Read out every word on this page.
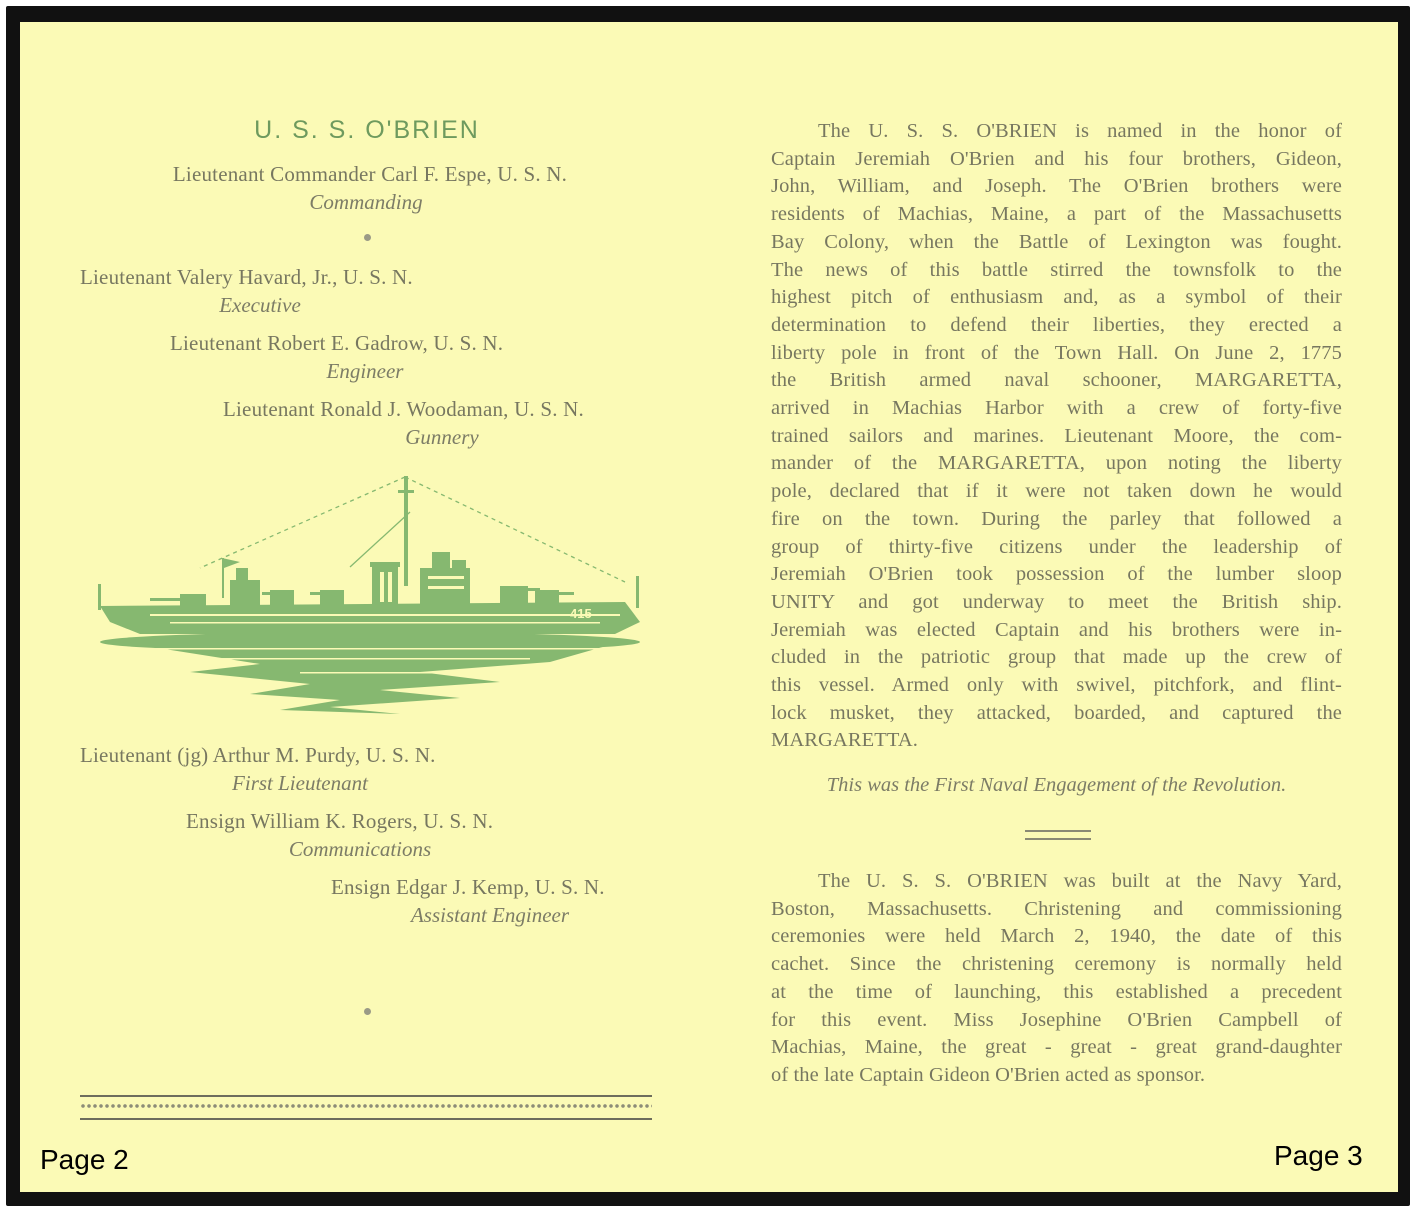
U. S. S. O'BRIEN
Lieutenant Commander Carl F. Espe, U. S. N.
Commanding
Lieutenant Valery Havard, Jr., U. S. N.
Executive
Lieutenant Robert E. Gadrow, U. S. N.
Engineer
Lieutenant Ronald J. Woodaman, U. S. N.
Gunnery
415
Lieutenant (jg) Arthur M. Purdy, U. S. N.
First Lieutenant
Ensign William K. Rogers, U. S. N.
Communications
Ensign Edgar J. Kemp, U. S. N.
Assistant Engineer
Page 2

The U. S. S. O'BRIEN is named in the honor of
Captain Jeremiah O'Brien and his four brothers, Gideon,
John, William, and Joseph. The O'Brien brothers were
residents of Machias, Maine, a part of the Massachusetts
Bay Colony, when the Battle of Lexington was fought.
The news of this battle stirred the townsfolk to the
highest pitch of enthusiasm and, as a symbol of their
determination to defend their liberties, they erected a
liberty pole in front of the Town Hall. On June 2, 1775
the British armed naval schooner, MARGARETTA,
arrived in Machias Harbor with a crew of forty-five
trained sailors and marines. Lieutenant Moore, the com-
mander of the MARGARETTA, upon noting the liberty
pole, declared that if it were not taken down he would
fire on the town. During the parley that followed a
group of thirty-five citizens under the leadership of
Jeremiah O'Brien took possession of the lumber sloop
UNITY and got underway to meet the British ship.
Jeremiah was elected Captain and his brothers were in-
cluded in the patriotic group that made up the crew of
this vessel. Armed only with swivel, pitchfork, and flint-
lock musket, they attacked, boarded, and captured the
MARGARETTA.

This was the First Naval Engagement of the Revolution.

The U. S. S. O'BRIEN was built at the Navy Yard,
Boston, Massachusetts. Christening and commissioning
ceremonies were held March 2, 1940, the date of this
cachet. Since the christening ceremony is normally held
at the time of launching, this established a precedent
for this event. Miss Josephine O'Brien Campbell of
Machias, Maine, the great - great - great grand-daughter
of the late Captain Gideon O'Brien acted as sponsor.

Page 3
